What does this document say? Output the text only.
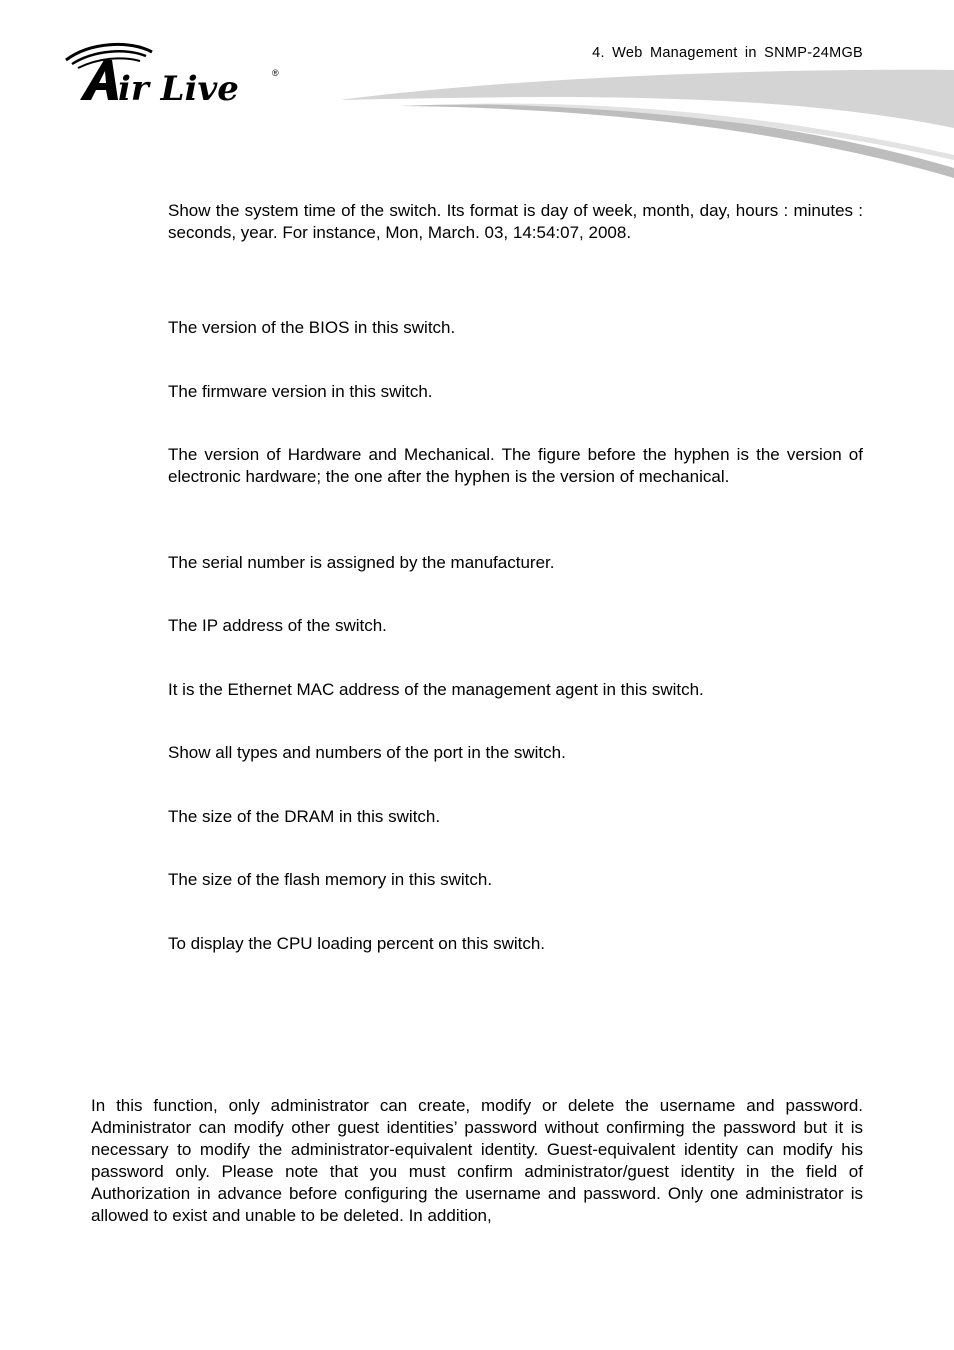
ir Live	®
4. Web Management in SNMP-24MGB
Show the system time of the switch. Its format is day of week, month, day, hours : minutes : seconds, year. For instance, Mon, March. 03, 14:54:07, 2008.
The version of the BIOS in this switch.
The firmware version in this switch.
The version of Hardware and Mechanical. The figure before the hyphen is the version of electronic hardware; the one after the hyphen is the version of mechanical.
The serial number is assigned by the manufacturer.
The IP address of the switch.
It is the Ethernet MAC address of the management agent in this switch.
Show all types and numbers of the port in the switch.
The size of the DRAM in this switch.
The size of the flash memory in this switch.
To display the CPU loading percent on this switch.
In this function, only administrator can create, modify or delete the username and password. Administrator can modify other guest identities’ password without confirming the password but it is necessary to modify the administrator-equivalent identity. Guest-equivalent identity can modify his password only. Please note that you must confirm administrator/guest identity in the field of Authorization in advance before configuring the username and password. Only one administrator is allowed to exist and unable to be deleted. In addition,
